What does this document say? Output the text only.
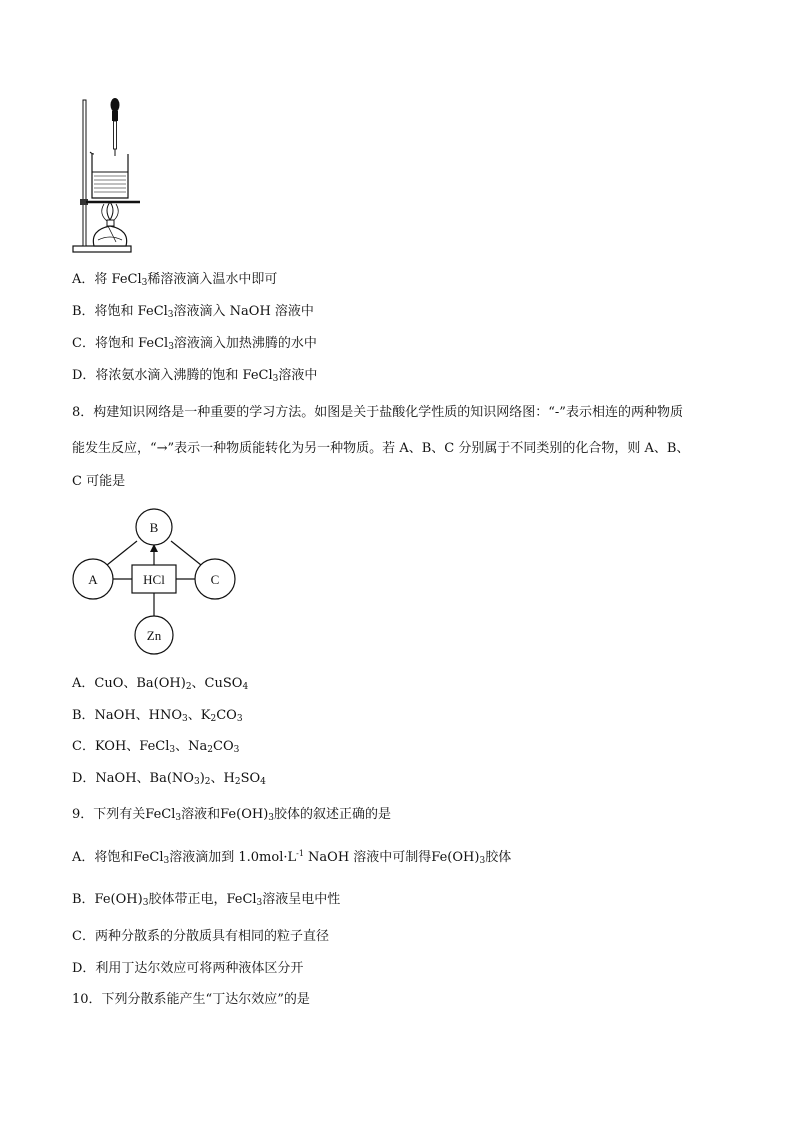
A．将 FeCl$_3$稀溶液滴入温水中即可
B．将饱和 FeCl$_3$溶液滴入 NaOH 溶液中
C．将饱和 FeCl$_3$溶液滴入加热沸腾的水中
D．将浓氨水滴入沸腾的饱和 FeCl$_3$溶液中
8．构建知识网络是一种重要的学习方法。如图是关于盐酸化学性质的知识网络图：“-”表示相连的两种物质
能发生反应，“→”表示一种物质能转化为另一种物质。若 A、B、C 分别属于不同类别的化合物，则 A、B、
C 可能是
B
A	C
HCl
Zn
A．CuO、$Ba(OH)_2$、CuSO$_4$
B．NaOH、$HNO_3$、$K_2CO_3$
C．KOH、FeCl$_3$、$Na_2CO_3$
D．NaOH、$Ba(NO_3)_2$、$H_2SO_4$
9．下列有关FeCl$_3$溶液和$Fe(OH)_3$胶体的叙述正确的是
A．将饱和FeCl$_3$溶液滴加到 $1.0mol\cdot L^{-1}$ NaOH 溶液中可制得$Fe(OH)_3$胶体
B．$Fe(OH)_3$胶体带正电，FeCl$_3$溶液呈电中性
C．两种分散系的分散质具有相同的粒子直径
D．利用丁达尔效应可将两种液体区分开
10．下列分散系能产生“丁达尔效应”的是
